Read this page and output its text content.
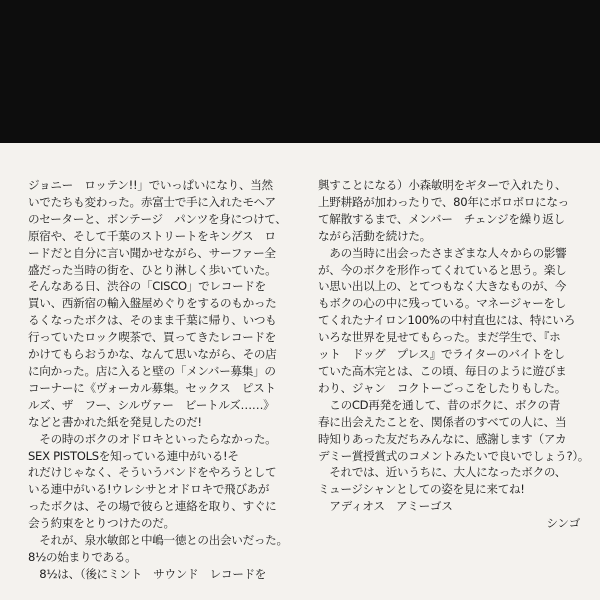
ジョニー　ロッテン!!」でいっぱいになり、当然
いでたちも変わった。赤富士で手に入れたモヘア
のセーターと、ボンテージ　パンツを身につけて、
原宿や、そして千葉のストリートをキングス　ロ
ードだと自分に言い聞かせながら、サーファー全
盛だった当時の街を、ひとり淋しく歩いていた。
そんなある日、渋谷の「CISCO」でレコードを
買い、西新宿の輸入盤屋めぐりをするのもかった
るくなったボクは、そのまま千葉に帰り、いつも
行っていたロック喫茶で、買ってきたレコードを
かけてもらおうかな、なんて思いながら、その店
に向かった。店に入ると壁の「メンバー募集」の
コーナーに《ヴォーカル募集。セックス　ピスト
ルズ、ザ　フー、シルヴァー　ビートルズ……》
などと書かれた紙を発見したのだ!
　その時のボクのオドロキといったらなかった。
SEX PISTOLSを知っている連中がいる!そ
れだけじゃなく、そういうバンドをやろうとして
いる連中がいる!ウレシサとオドロキで飛びあが
ったボクは、その場で彼らと連絡を取り、すぐに
会う約束をとりつけたのだ。
　それが、泉水敏郎と中嶋一徳との出会いだった。
8½の始まりである。
　8½は、（後にミント　サウンド　レコードを
興すことになる）小森敏明をギターで入れたり、
上野耕路が加わったりで、80年にボロボロになっ
て解散するまで、メンバー　チェンジを繰り返し
ながら活動を続けた。
　あの当時に出会ったさまざまな人々からの影響
が、今のボクを形作ってくれていると思う。楽し
い思い出以上の、とてつもなく大きなものが、今
もボクの心の中に残っている。マネージャーをし
てくれたナイロン100%の中村直也には、特にいろ
いろな世界を見せてもらった。まだ学生で、『ホ
ット　ドッグ　プレス』でライターのバイトをし
ていた高木完とは、この頃、毎日のように遊びま
わり、ジャン　コクトーごっこをしたりもした。
　このCD再発を通して、昔のボクに、ボクの青
春に出会えたことを、関係者のすべての人に、当
時知りあった友だちみんなに、感謝します（アカ
デミー賞授賞式のコメントみたいで良いでしょう?）。
　それでは、近いうちに、大人になったボクの、
ミュージシャンとしての姿を見に来てね!
　アディオス　アミーゴス
シンゴ
